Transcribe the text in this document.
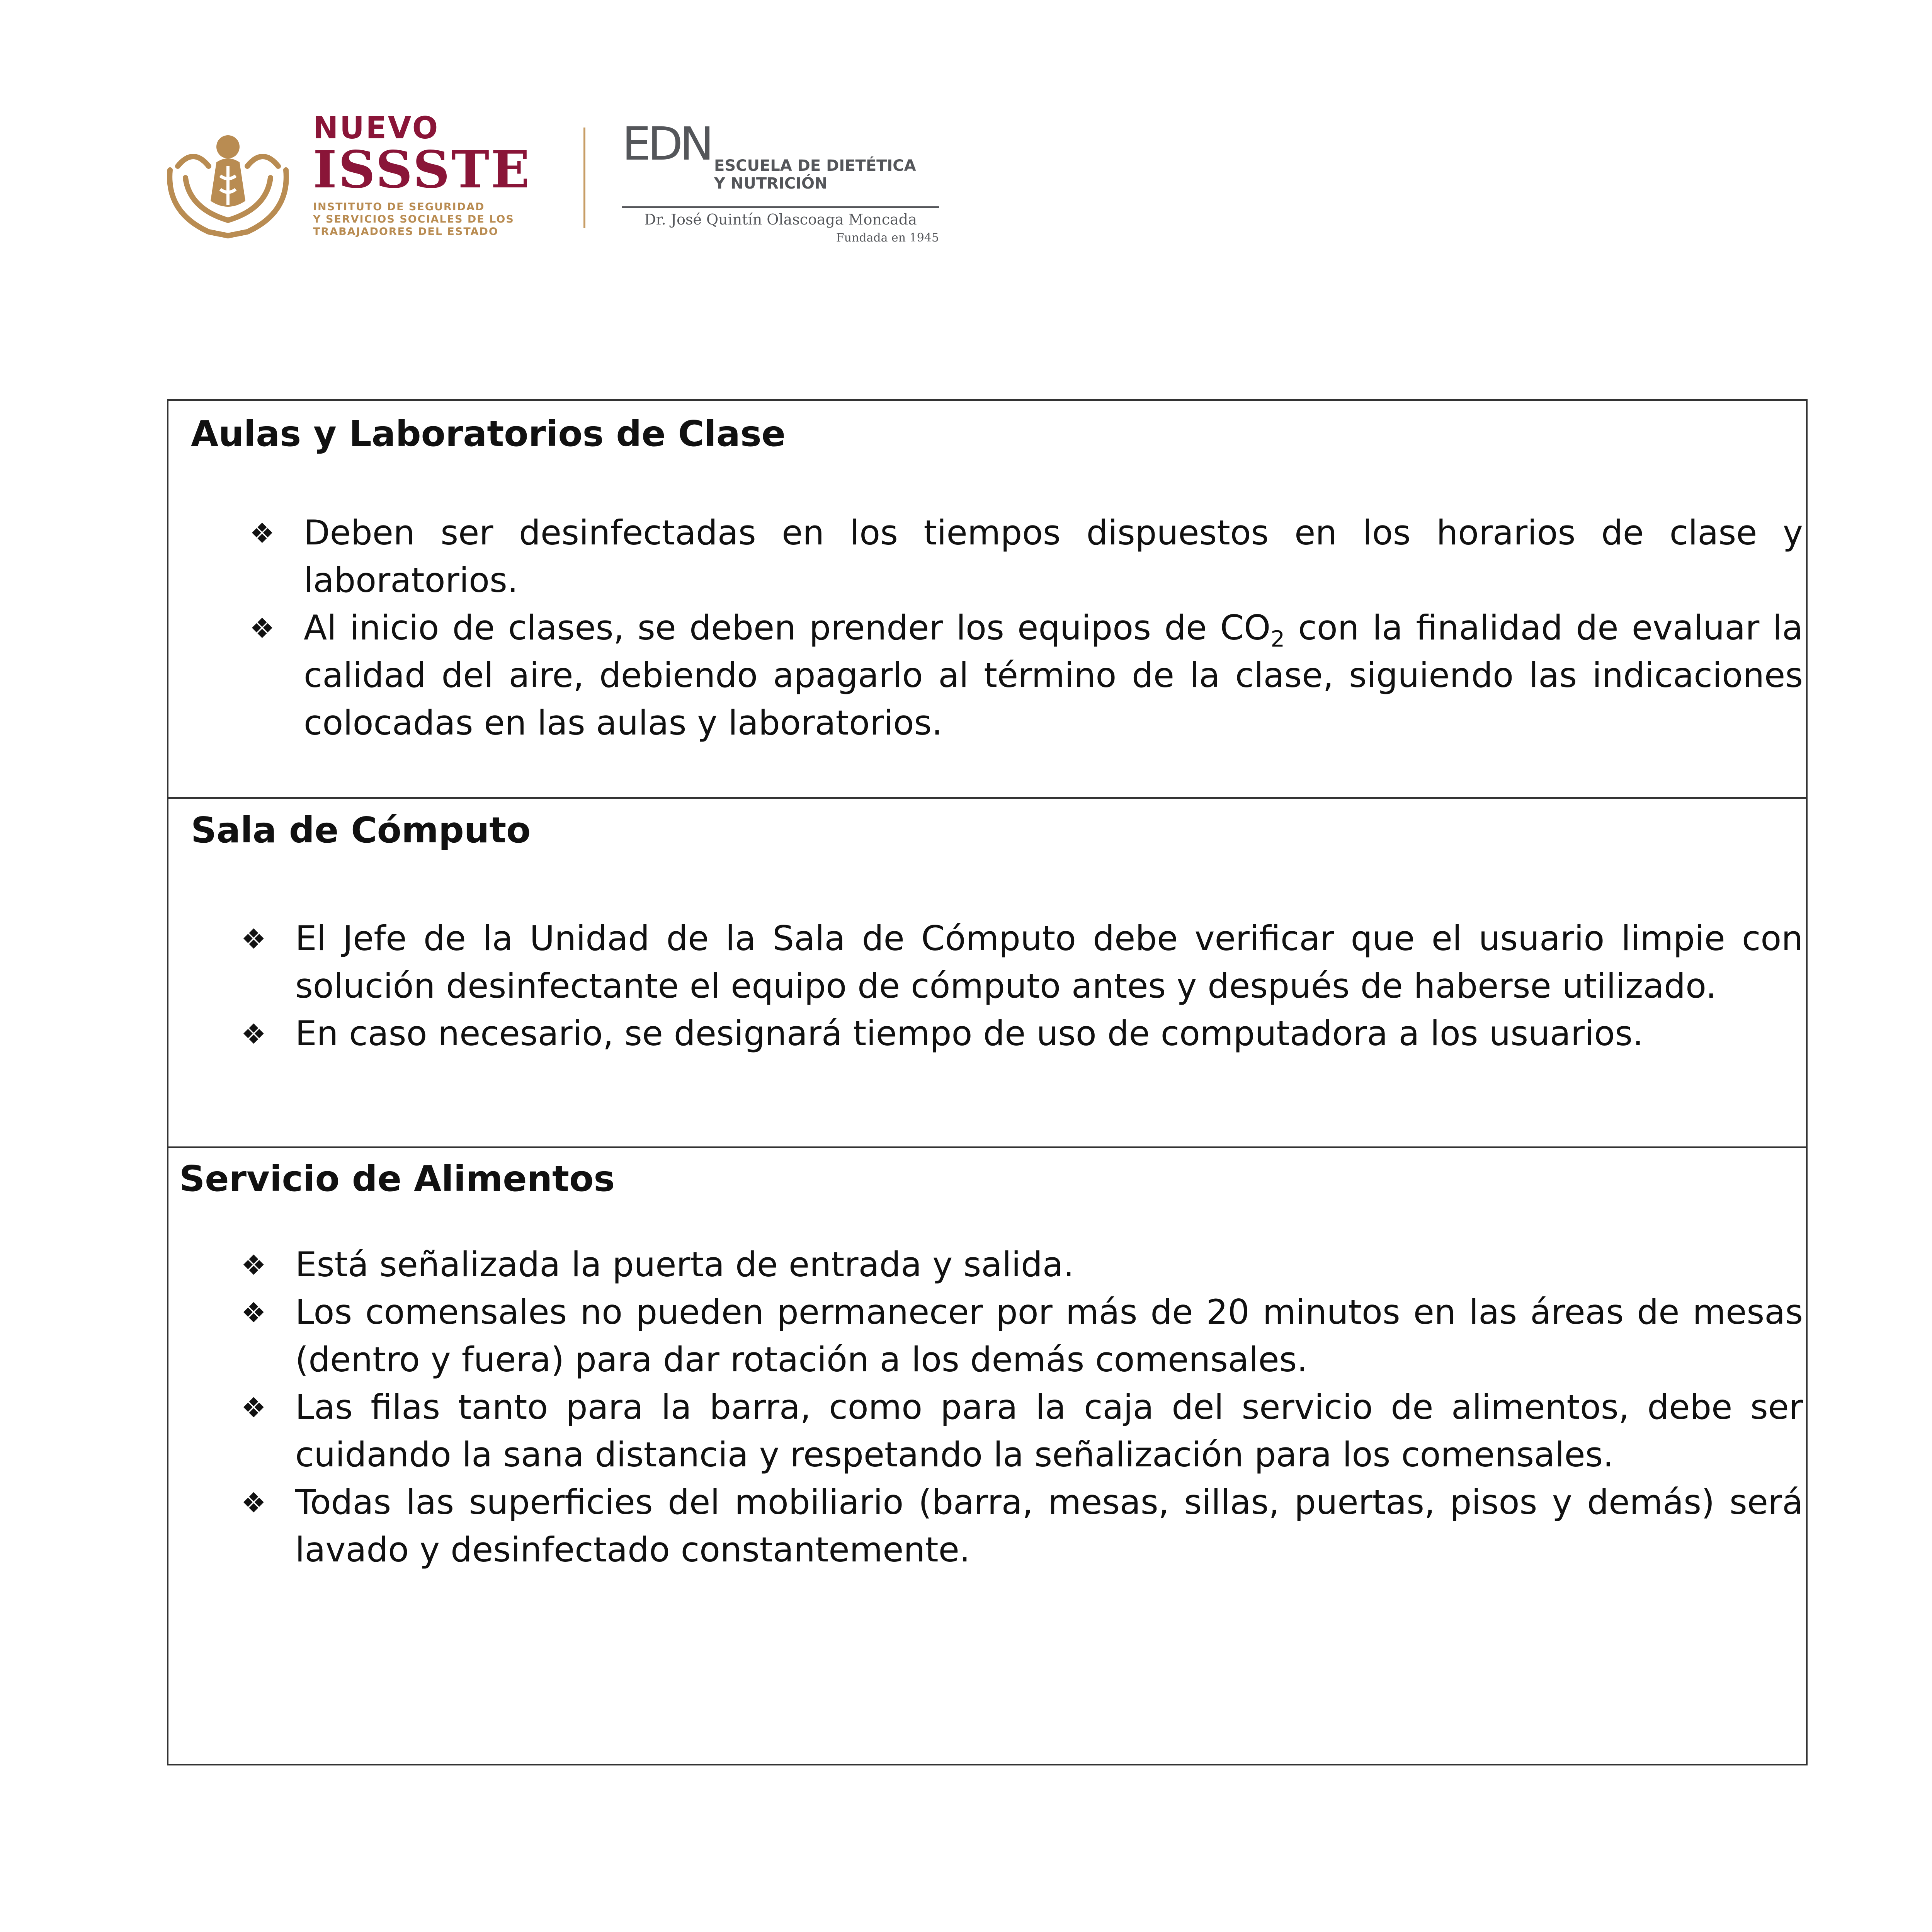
NUEVO
ISSSTE
INSTITUTO DE SEGURIDAD
Y SERVICIOS SOCIALES DE LOS
TRABAJADORES DEL ESTADO
EDN ESCUELA DE DIETÉTICA
Y NUTRICIÓN
Dr. José Quintín Olascoaga Moncada
Fundada en 1945
Aulas y Laboratorios de Clase
❖ Deben ser desinfectadas en los tiempos dispuestos en los horarios de clase y laboratorios.
❖ Al inicio de clases, se deben prender los equipos de $CO_2$ con la finalidad de evaluar la calidad del aire, debiendo apagarlo al término de la clase, siguiendo las indicaciones colocadas en las aulas y laboratorios.
Sala de Cómputo
❖ El Jefe de la Unidad de la Sala de Cómputo debe verificar que el usuario limpie con solución desinfectante el equipo de cómputo antes y después de haberse utilizado.
❖ En caso necesario, se designará tiempo de uso de computadora a los usuarios.
Servicio de Alimentos
❖ Está señalizada la puerta de entrada y salida.
❖ Los comensales no pueden permanecer por más de 20 minutos en las áreas de mesas (dentro y fuera) para dar rotación a los demás comensales.
❖ Las filas tanto para la barra, como para la caja del servicio de alimentos, debe ser cuidando la sana distancia y respetando la señalización para los comensales.
❖ Todas las superficies del mobiliario (barra, mesas, sillas, puertas, pisos y demás) será lavado y desinfectado constantemente.
